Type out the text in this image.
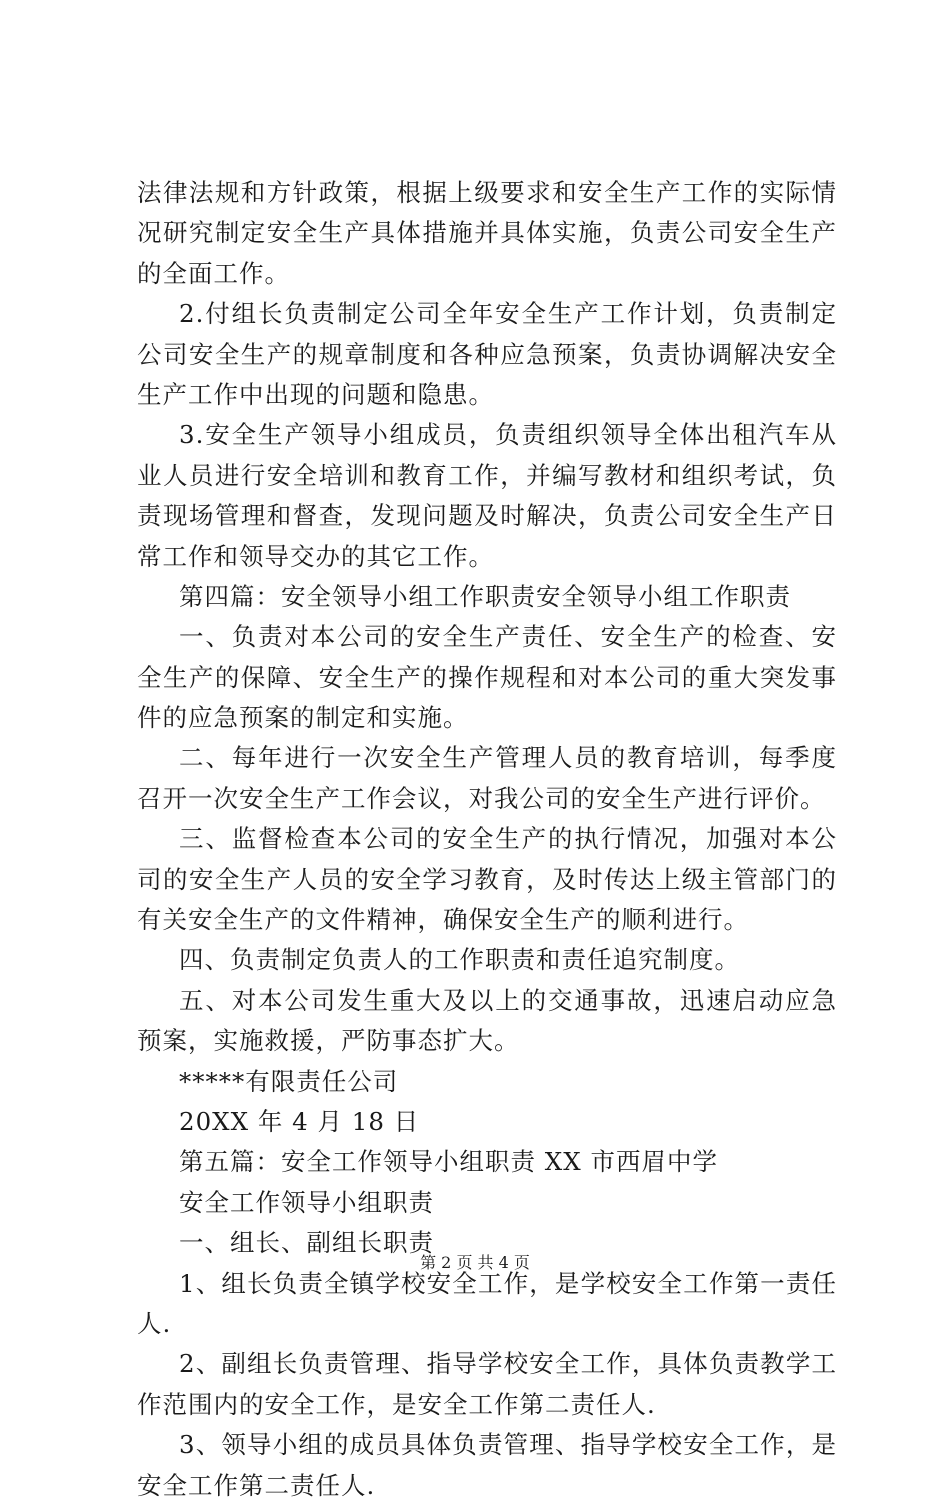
法律法规和方针政策，根据上级要求和安全生产工作的实际情
况研究制定安全生产具体措施并具体实施，负责公司安全生产
的全面工作。
2.付组长负责制定公司全年安全生产工作计划，负责制定
公司安全生产的规章制度和各种应急预案，负责协调解决安全
生产工作中出现的问题和隐患。
3.安全生产领导小组成员，负责组织领导全体出租汽车从
业人员进行安全培训和教育工作，并编写教材和组织考试，负
责现场管理和督查，发现问题及时解决，负责公司安全生产日
常工作和领导交办的其它工作。
第四篇：安全领导小组工作职责安全领导小组工作职责
一、负责对本公司的安全生产责任、安全生产的检查、安
全生产的保障、安全生产的操作规程和对本公司的重大突发事
件的应急预案的制定和实施。
二、每年进行一次安全生产管理人员的教育培训，每季度
召开一次安全生产工作会议，对我公司的安全生产进行评价。
三、监督检查本公司的安全生产的执行情况，加强对本公
司的安全生产人员的安全学习教育，及时传达上级主管部门的
有关安全生产的文件精神，确保安全生产的顺利进行。
四、负责制定负责人的工作职责和责任追究制度。
五、对本公司发生重大及以上的交通事故，迅速启动应急
预案，实施救援，严防事态扩大。
*****有限责任公司
20XX 年 4 月 18 日
第五篇：安全工作领导小组职责 XX 市西眉中学
安全工作领导小组职责
一、组长、副组长职责
1、组长负责全镇学校安全工作，是学校安全工作第一责任
人.
2、副组长负责管理、指导学校安全工作，具体负责教学工
作范围内的安全工作，是安全工作第二责任人.
3、领导小组的成员具体负责管理、指导学校安全工作，是
安全工作第二责任人.
第 2 页 共 4 页
